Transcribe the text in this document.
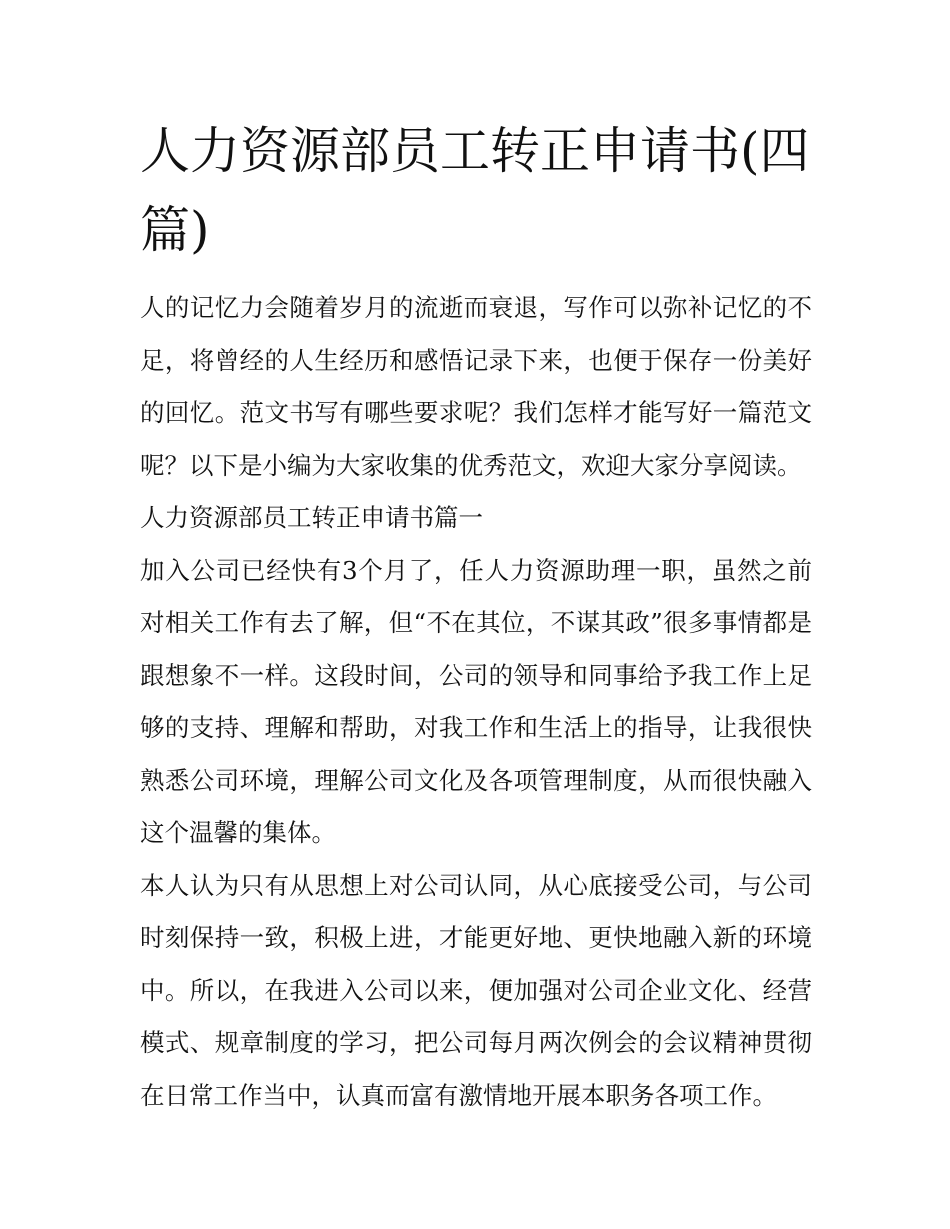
人力资源部员工转正申请书(四篇)

人的记忆力会随着岁月的流逝而衰退，写作可以弥补记忆的不足，将曾经的人生经历和感悟记录下来，也便于保存一份美好的回忆。范文书写有哪些要求呢？我们怎样才能写好一篇范文呢？以下是小编为大家收集的优秀范文，欢迎大家分享阅读。

人力资源部员工转正申请书篇一

加入公司已经快有3个月了，任人力资源助理一职，虽然之前对相关工作有去了解，但“不在其位，不谋其政”很多事情都是跟想象不一样。这段时间，公司的领导和同事给予我工作上足够的支持、理解和帮助，对我工作和生活上的指导，让我很快熟悉公司环境，理解公司文化及各项管理制度，从而很快融入这个温馨的集体。

本人认为只有从思想上对公司认同，从心底接受公司，与公司时刻保持一致，积极上进，才能更好地、更快地融入新的环境中。所以，在我进入公司以来，便加强对公司企业文化、经营模式、规章制度的学习，把公司每月两次例会的会议精神贯彻在日常工作当中，认真而富有激情地开展本职务各项工作。
